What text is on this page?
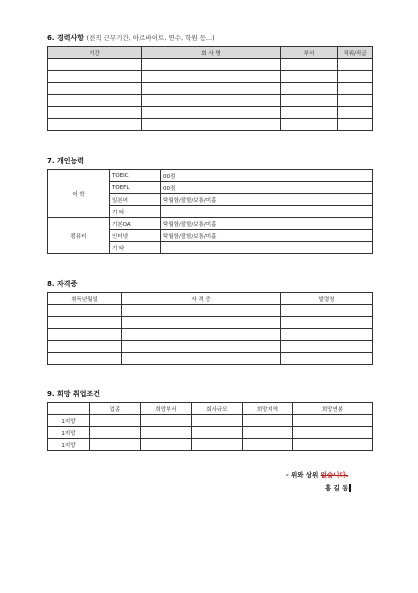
6. 경력사항 (전직 근무기간, 아르바이트, 연수, 학원 등...)
기간	회 사 명	부서	직위/직급

7. 개인능력
어 학	TOEIC	00점
	TOEFL	00점
	일본어	탁월함/잘함/보통/미흡
	기 타	
컴퓨터	기본OA	탁월함/잘함/보통/미흡
	인터넷	탁월함/잘함/보통/미흡
	기 타	
8. 자격증
취득년월일	자 격 증	발령청

9. 희망 취업조건
	업종	희망부서	회사규모	희망지역	희망연봉
1지망					
1지망					
1지망					
- 위와 상위 없습니다.
홍 길 동
